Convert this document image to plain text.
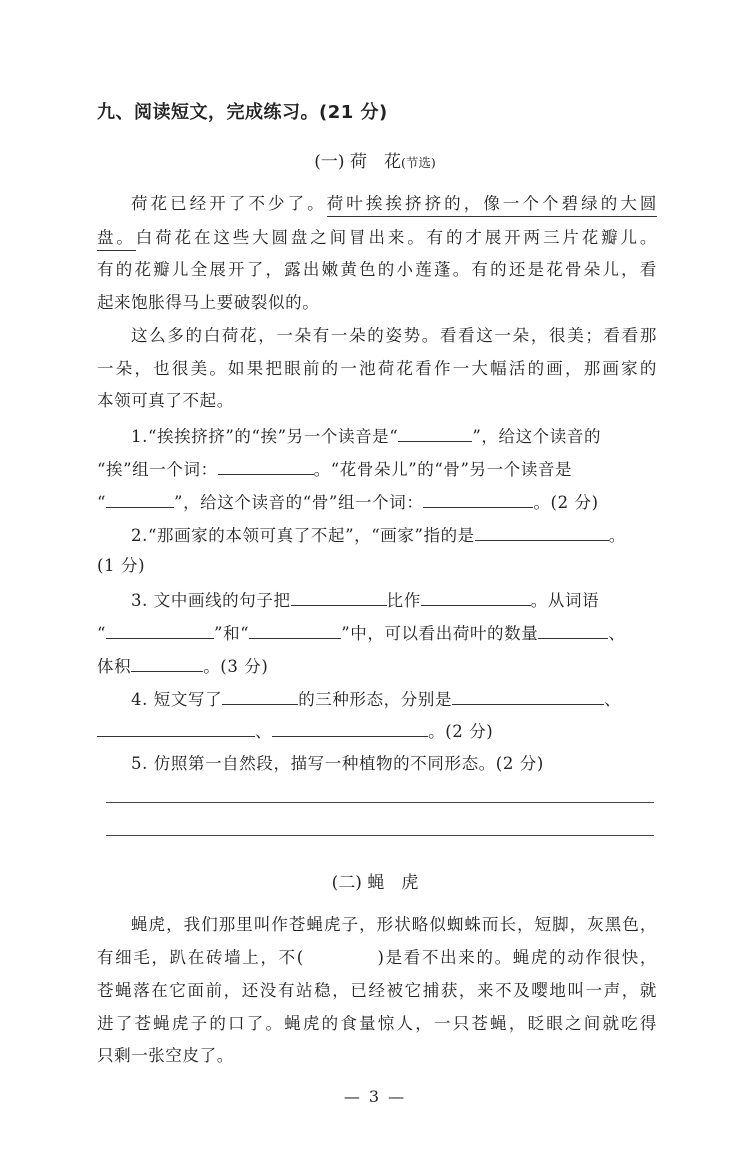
九、阅读短文，完成练习。(21 分)
(一) 荷　花(节选)
荷花已经开了不少了。荷叶挨挨挤挤的，像一个个碧绿的大圆
盘。白荷花在这些大圆盘之间冒出来。有的才展开两三片花瓣儿。
有的花瓣儿全展开了，露出嫩黄色的小莲蓬。有的还是花骨朵儿，看
起来饱胀得马上要破裂似的。
这么多的白荷花，一朵有一朵的姿势。看看这一朵，很美；看看那
一朵，也很美。如果把眼前的一池荷花看作一大幅活的画，那画家的
本领可真了不起。
1.“挨挨挤挤”的“挨”另一个读音是“	”，给这个读音的
“挨”组一个词：	。“花骨朵儿”的“骨”另一个读音是
“	”，给这个读音的“骨”组一个词：	。(2 分)
2.“那画家的本领可真了不起”，“画家”指的是	。
(1 分)
3. 文中画线的句子把	比作	。从词语
“	”和“	”中，可以看出荷叶的数量	、
体积	。(3 分)
4. 短文写了	的三种形态，分别是	、
、	。(2 分)
5. 仿照第一自然段，描写一种植物的不同形态。(2 分)
(二) 蝇　虎
蝇虎，我们那里叫作苍蝇虎子，形状略似蜘蛛而长，短脚，灰黑色，
有细毛，趴在砖墙上，不(　　　　)是看不出来的。蝇虎的动作很快，
苍蝇落在它面前，还没有站稳，已经被它捕获，来不及嘤地叫一声，就
进了苍蝇虎子的口了。蝇虎的食量惊人，一只苍蝇，眨眼之间就吃得
只剩一张空皮了。
— 3 —
